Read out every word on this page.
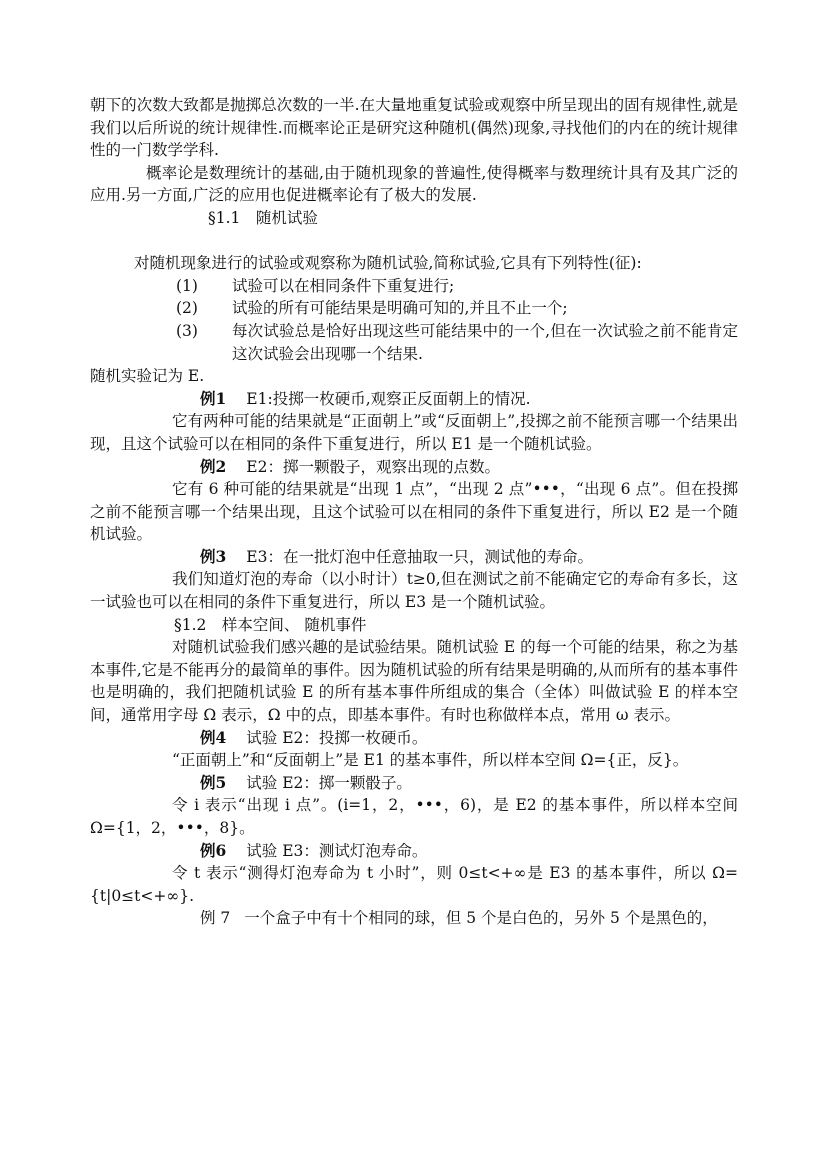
朝下的次数大致都是抛掷总次数的一半.在大量地重复试验或观察中所呈现出的固有规律性,就是我们以后所说的统计规律性.而概率论正是研究这种随机(偶然)现象,寻找他们的内在的统计规律性的一门数学学科.

概率论是数理统计的基础,由于随机现象的普遍性,使得概率与数理统计具有及其广泛的应用.另一方面,广泛的应用也促进概率论有了极大的发展.

§1.1　随机试验

对随机现象进行的试验或观察称为随机试验,简称试验,它具有下列特性(征):

(1)	试验可以在相同条件下重复进行;
(2)	试验的所有可能结果是明确可知的,并且不止一个;
(3)	每次试验总是恰好出现这些可能结果中的一个,但在一次试验之前不能肯定这次试验会出现哪一个结果.

随机实验记为 E.

例1 E1:投掷一枚硬币,观察正反面朝上的情况.

它有两种可能的结果就是“正面朝上”或“反面朝上”,投掷之前不能预言哪一个结果出现，且这个试验可以在相同的条件下重复进行，所以 E1 是一个随机试验。

例2 E2：掷一颗骰子，观察出现的点数。

它有 6 种可能的结果就是“出现 1 点”，“出现 2 点”•••，“出现 6 点”。但在投掷之前不能预言哪一个结果出现，且这个试验可以在相同的条件下重复进行，所以 E2 是一个随机试验。

例3 E3：在一批灯泡中任意抽取一只，测试他的寿命。

我们知道灯泡的寿命（以小时计）t≥0,但在测试之前不能确定它的寿命有多长，这一试验也可以在相同的条件下重复进行，所以 E3 是一个随机试验。

§1.2　样本空间、 随机事件

对随机试验我们感兴趣的是试验结果。随机试验 E 的每一个可能的结果，称之为基本事件,它是不能再分的最简单的事件。因为随机试验的所有结果是明确的,从而所有的基本事件也是明确的，我们把随机试验 E 的所有基本事件所组成的集合（全体）叫做试验 E 的样本空间，通常用字母 Ω 表示，Ω 中的点，即基本事件。有时也称做样本点，常用 ω 表示。

例4 试验 E2：投掷一枚硬币。

“正面朝上”和“反面朝上”是 E1 的基本事件，所以样本空间 Ω={正，反}。

例5 试验 E2：掷一颗骰子。

令 i 表示“出现 i 点”。(i=1，2，•••，6)，是 E2 的基本事件，所以样本空间 Ω={1，2，•••，8}。

例6 试验 E3：测试灯泡寿命。

令 t 表示“测得灯泡寿命为 t 小时”，则 0≤t<+∞是 E3 的基本事件，所以 Ω={t|0≤t<+∞}.

例 7 一个盒子中有十个相同的球，但 5 个是白色的，另外 5 个是黑色的，
